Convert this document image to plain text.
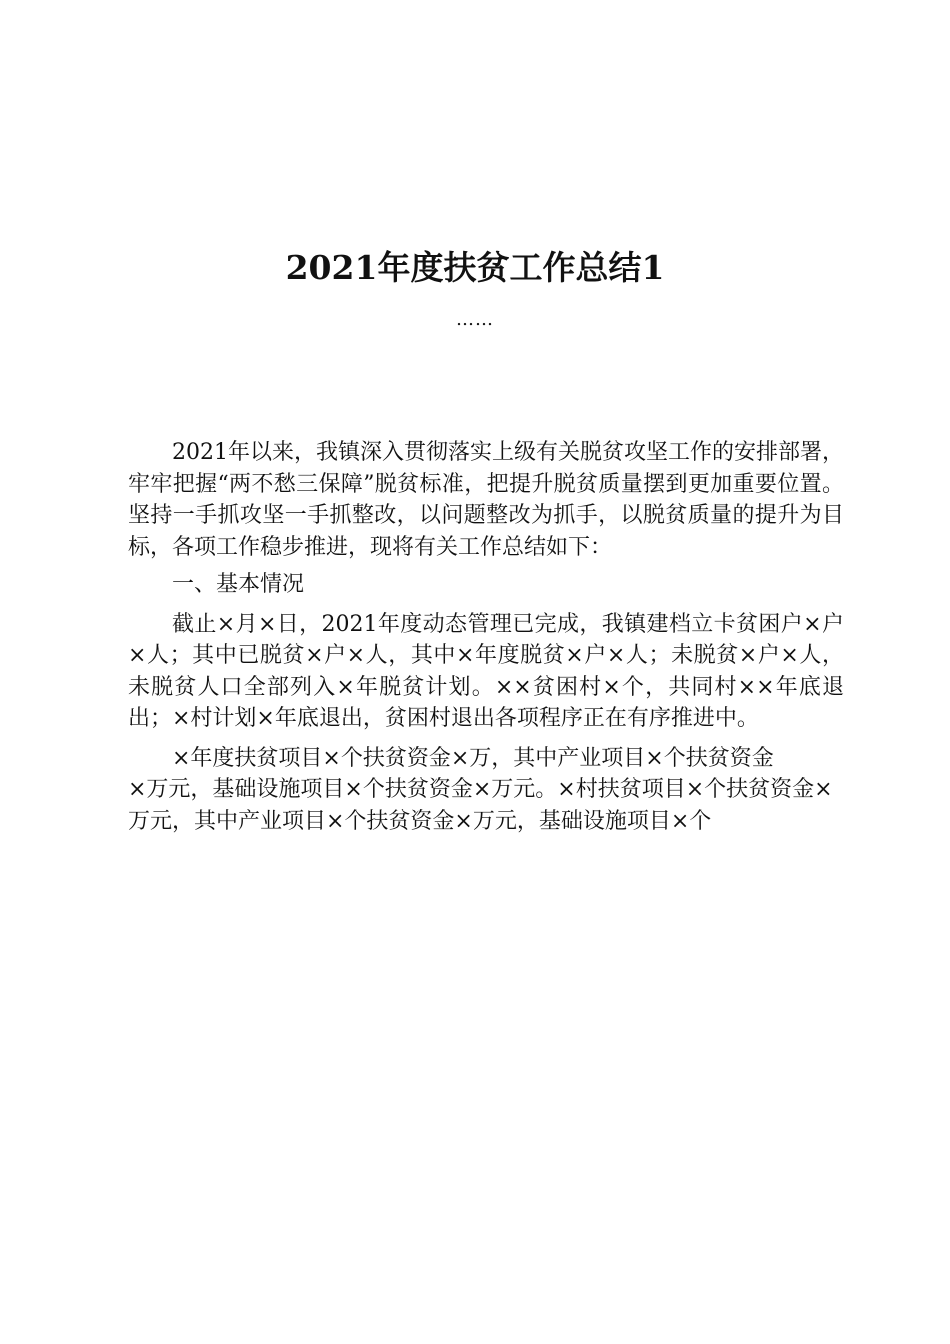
2021年度扶贫工作总结1
……

2021年以来，我镇深入贯彻落实上级有关脱贫攻坚工作的安排部署，牢牢把握“两不愁三保障”脱贫标准，把提升脱贫质量摆到更加重要位置。坚持一手抓攻坚一手抓整改，以问题整改为抓手，以脱贫质量的提升为目标，各项工作稳步推进，现将有关工作总结如下：

一、基本情况

截止×月×日，2021年度动态管理已完成，我镇建档立卡贫困户×户×人；其中已脱贫×户×人，其中×年度脱贫×户×人；未脱贫×户×人，未脱贫人口全部列入×年脱贫计划。××贫困村×个，共同村××年底退出；×村计划×年底退出，贫困村退出各项程序正在有序推进中。

×年度扶贫项目×个扶贫资金×万，其中产业项目×个扶贫资金

×万元，基础设施项目×个扶贫资金×万元。×村扶贫项目×个扶贫资金×万元，其中产业项目×个扶贫资金×万元，基础设施项目×个
